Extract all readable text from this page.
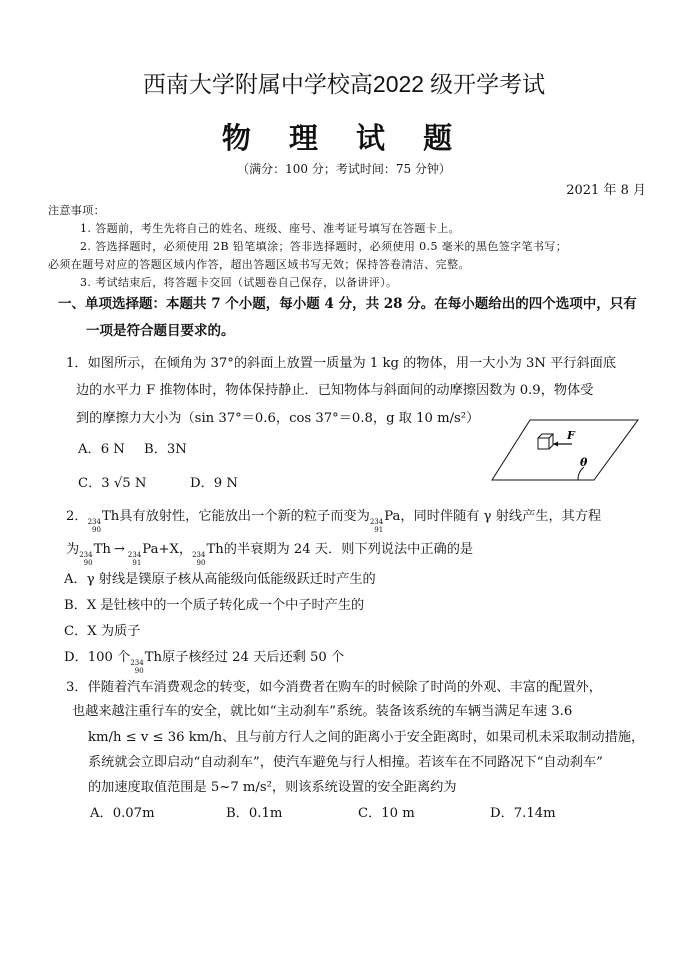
西南大学附属中学校高2022 级开学考试
物 理 试 题
（满分：100 分；考试时间：75 分钟）
2021 年 8 月
注意事项：
1. 答题前，考生先将自己的姓名、班级、座号、准考证号填写在答题卡上。
2. 答选择题时，必须使用 2B 铅笔填涂；答非选择题时，必须使用 0.5 毫米的黑色签字笔书写；
必须在题号对应的答题区域内作答，超出答题区域书写无效；保持答卷清洁、完整。
3. 考试结束后，将答题卡交回（试题卷自己保存，以备讲评）。
一、单项选择题：本题共 7 个小题，每小题 4 分，共 28 分。在每小题给出的四个选项中，只有
一项是符合题目要求的。
1．如图所示，在倾角为 37°的斜面上放置一质量为 1 kg 的物体，用一大小为 3N 平行斜面底
边的水平力 F 推物体时，物体保持静止．已知物体与斜面间的动摩擦因数为 0.9，物体受
到的摩擦力大小为（sin 37°＝0.6，cos 37°＝0.8，g 取 10 m/s²）
A．6 N B．3N
C．3 √5 N	D．9 N
F
θ
2． 234
90
Th具有放射性，它能放出一个新的粒子而变为 234
91
Pa，同时伴随有 γ 射线产生，其方程
为 234
90
Th → 234
91
Pa+X， 234
90
Th的半衰期为 24 天．则下列说法中正确的是
A．γ 射线是镤原子核从高能级向低能级跃迁时产生的
B．X 是钍核中的一个质子转化成一个中子时产生的
C．X 为质子
D．100 个 234
90
Th原子核经过 24 天后还剩 50 个
3．伴随着汽车消费观念的转变，如今消费者在购车的时候除了时尚的外观、丰富的配置外，
也越来越注重行车的安全，就比如“主动刹车”系统。装备该系统的车辆当满足车速 3.6
km/h ≤ v ≤ 36 km/h、且与前方行人之间的距离小于安全距离时，如果司机未采取制动措施，
系统就会立即启动“自动刹车”，使汽车避免与行人相撞。若该车在不同路况下“自动刹车”
的加速度取值范围是 5~7 m/s²，则该系统设置的安全距离约为
A．0.07m	B．0.1m	C．10 m	D．7.14m
